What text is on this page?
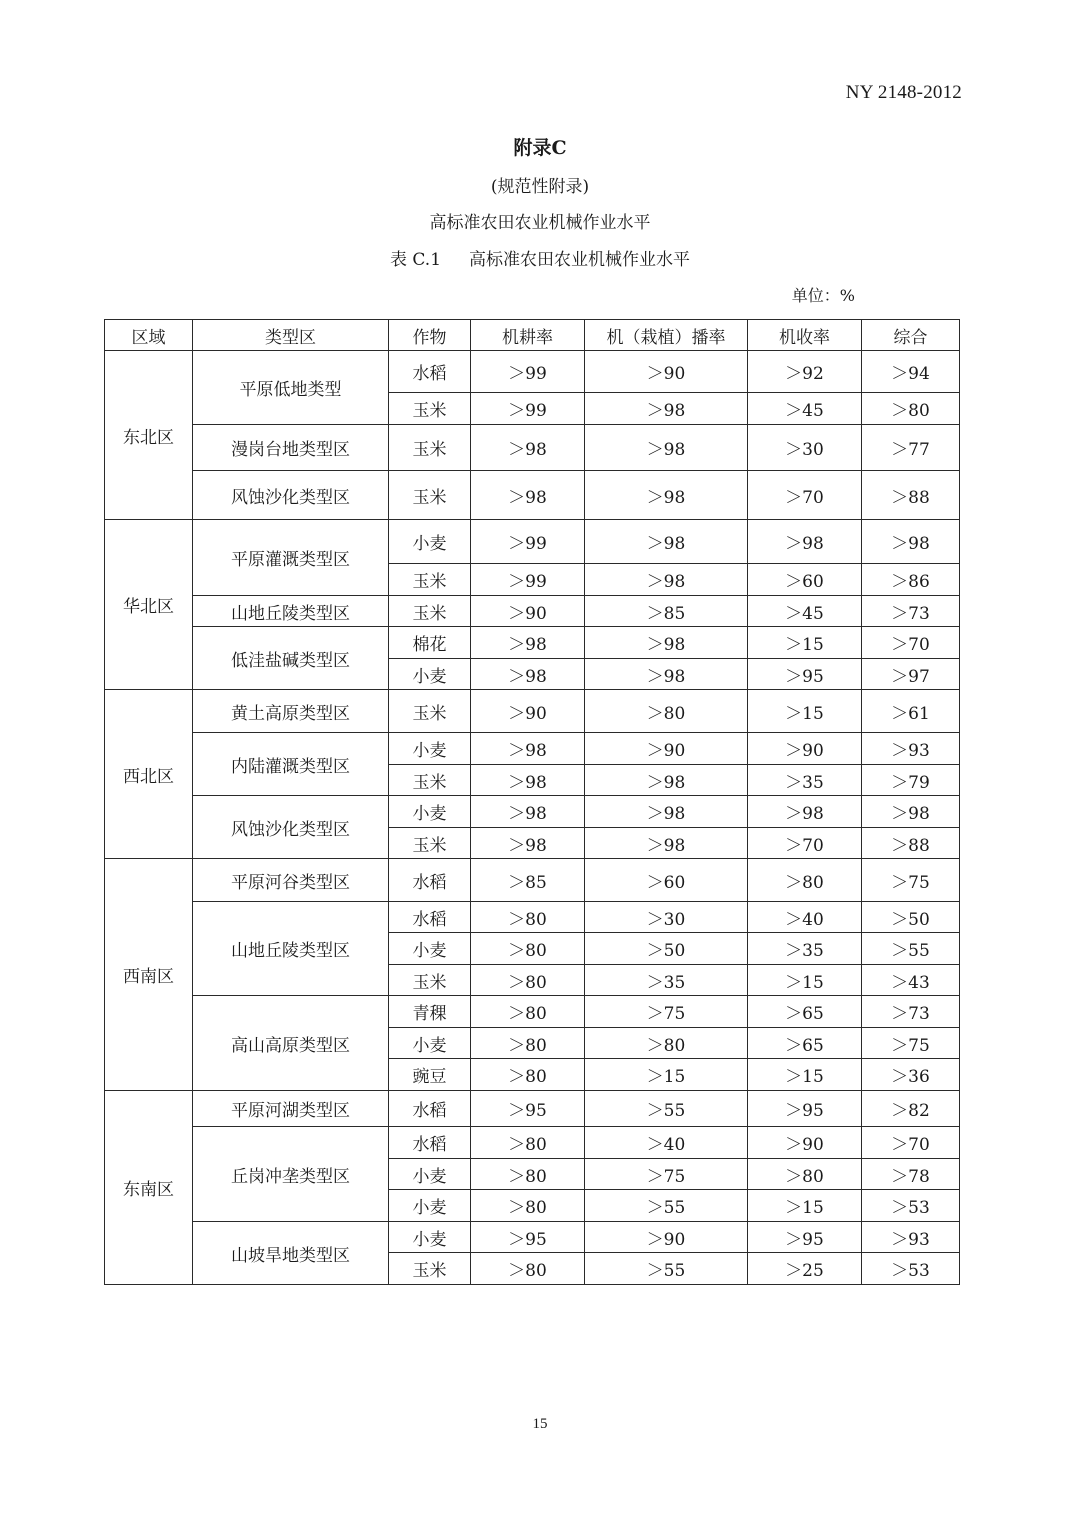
NY 2148-2012
附录C
(规范性附录)
高标准农田农业机械作业水平
表 C.1 高标准农田农业机械作业水平
单位：%
区域	类型区	作物	机耕率	机（栽植）播率	机收率	综合
东北区	平原低地类型	水稻	＞99	＞90	＞92	＞94
		玉米	＞99	＞98	＞45	＞80
	漫岗台地类型区	玉米	＞98	＞98	＞30	＞77
	风蚀沙化类型区	玉米	＞98	＞98	＞70	＞88
华北区	平原灌溉类型区	小麦	＞99	＞98	＞98	＞98
		玉米	＞99	＞98	＞60	＞86
	山地丘陵类型区	玉米	＞90	＞85	＞45	＞73
	低洼盐碱类型区	棉花	＞98	＞98	＞15	＞70
		小麦	＞98	＞98	＞95	＞97
西北区	黄土高原类型区	玉米	＞90	＞80	＞15	＞61
	内陆灌溉类型区	小麦	＞98	＞90	＞90	＞93
		玉米	＞98	＞98	＞35	＞79
	风蚀沙化类型区	小麦	＞98	＞98	＞98	＞98
		玉米	＞98	＞98	＞70	＞88
西南区	平原河谷类型区	水稻	＞85	＞60	＞80	＞75
	山地丘陵类型区	水稻	＞80	＞30	＞40	＞50
		小麦	＞80	＞50	＞35	＞55
		玉米	＞80	＞35	＞15	＞43
	高山高原类型区	青稞	＞80	＞75	＞65	＞73
		小麦	＞80	＞80	＞65	＞75
		豌豆	＞80	＞15	＞15	＞36
东南区	平原河湖类型区	水稻	＞95	＞55	＞95	＞82
	丘岗冲垄类型区	水稻	＞80	＞40	＞90	＞70
		小麦	＞80	＞75	＞80	＞78
		小麦	＞80	＞55	＞15	＞53
	山坡旱地类型区	小麦	＞95	＞90	＞95	＞93
		玉米	＞80	＞55	＞25	＞53
15
